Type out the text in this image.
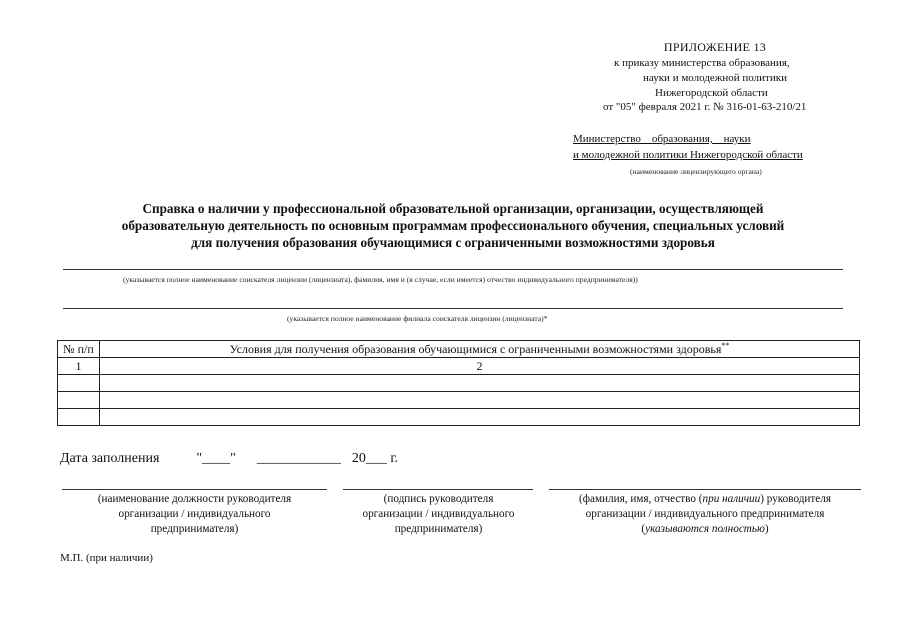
ПРИЛОЖЕНИЕ 13
к приказу министерства образования,
науки и молодежной политики
Нижегородской области
от "05" февраля 2021 г. № 316-01-63-210/21
Министерство    образования,    науки
и молодежной политики Нижегородской области
(наименование лицензирующего органа)
Справка о наличии у профессиональной образовательной организации, организации, осуществляющей
образовательную деятельность по основным программам профессионального обучения, специальных условий
для получения образования обучающимися с ограниченными возможностями здоровья
(указывается полное наименование соискателя лицензии (лицензиата), фамилия, имя и (в случае, если имеется) отчество индивидуального предпринимателя))
(указывается полное наименование филиала соискателя лицензии (лицензиата)*
№ п/п	Условия для получения образования обучающимися с ограниченными возможностями здоровья**
1	2

Дата заполнения	"____" ____________ 20___ г.
(наименование должности руководителя
организации / индивидуального
предпринимателя)
(подпись руководителя
организации / индивидуального
предпринимателя)
(фамилия, имя, отчество (при наличии) руководителя
организации / индивидуального предпринимателя
(указываются полностью)
М.П. (при наличии)
